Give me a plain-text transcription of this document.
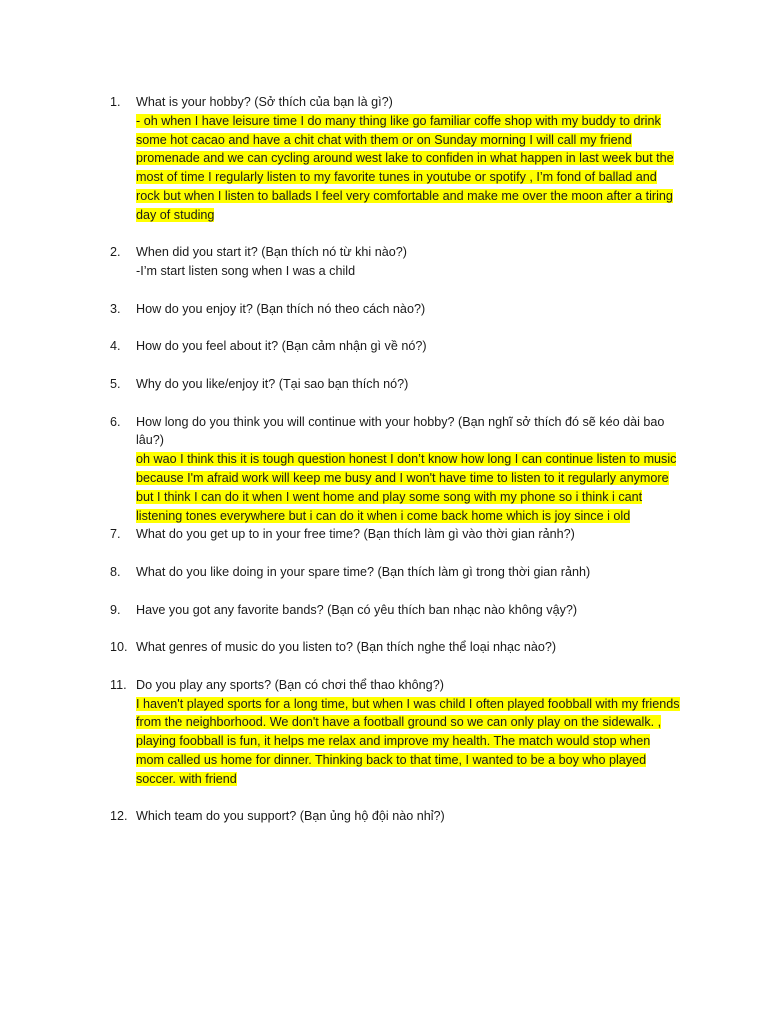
1.	What is your hobby? (Sở thích của bạn là gì?)
- oh when I have leisure time I do many thing like go familiar coffe shop with my buddy to drink some hot cacao and have a chit chat with them or on Sunday morning I will call my friend promenade and we can cycling around west lake to confiden in what happen in last week but the most of time I regularly listen to my favorite tunes in youtube or spotify , I’m fond of ballad and rock but when I listen to ballads I feel very comfortable and make me over the moon after a tiring day of studing
2.	When did you start it? (Bạn thích nó từ khi nào?)
-I’m start listen song when I was a child
3.	How do you enjoy it? (Bạn thích nó theo cách nào?)
4.	How do you feel about it? (Bạn cảm nhận gì về nó?)
5.	Why do you like/enjoy it? (Tại sao bạn thích nó?)
6.	How long do you think you will continue with your hobby? (Bạn nghĩ sở thích đó sẽ kéo dài bao lâu?)
oh wao I think this it is tough question honest I don’t know how long I can continue listen to music because I'm afraid work will keep me busy and I won't have time to listen to it regularly anymore but I think I can do it when I went home and play some song with my phone so i think i cant listening tones everywhere but i can do it when i come back home which is joy since i old
7.	What do you get up to in your free time? (Bạn thích làm gì vào thời gian rảnh?)
8.	What do you like doing in your spare time? (Bạn thích làm gì trong thời gian rảnh)
9.	Have you got any favorite bands? (Bạn có yêu thích ban nhạc nào không vậy?)
10. What genres of music do you listen to? (Bạn thích nghe thể loại nhạc nào?)
11. Do you play any sports? (Bạn có chơi thể thao không?)
I haven't played sports for a long time, but when I was child I often played foobball with my friends from the neighborhood. We don't have a football ground so we can only play on the sidewalk. , playing foobball is fun, it helps me relax and improve my health. The match would stop when mom called us home for dinner. Thinking back to that time, I wanted to be a boy who played soccer. with friend
12. Which team do you support? (Bạn ủng hộ đội nào nhỉ?)
